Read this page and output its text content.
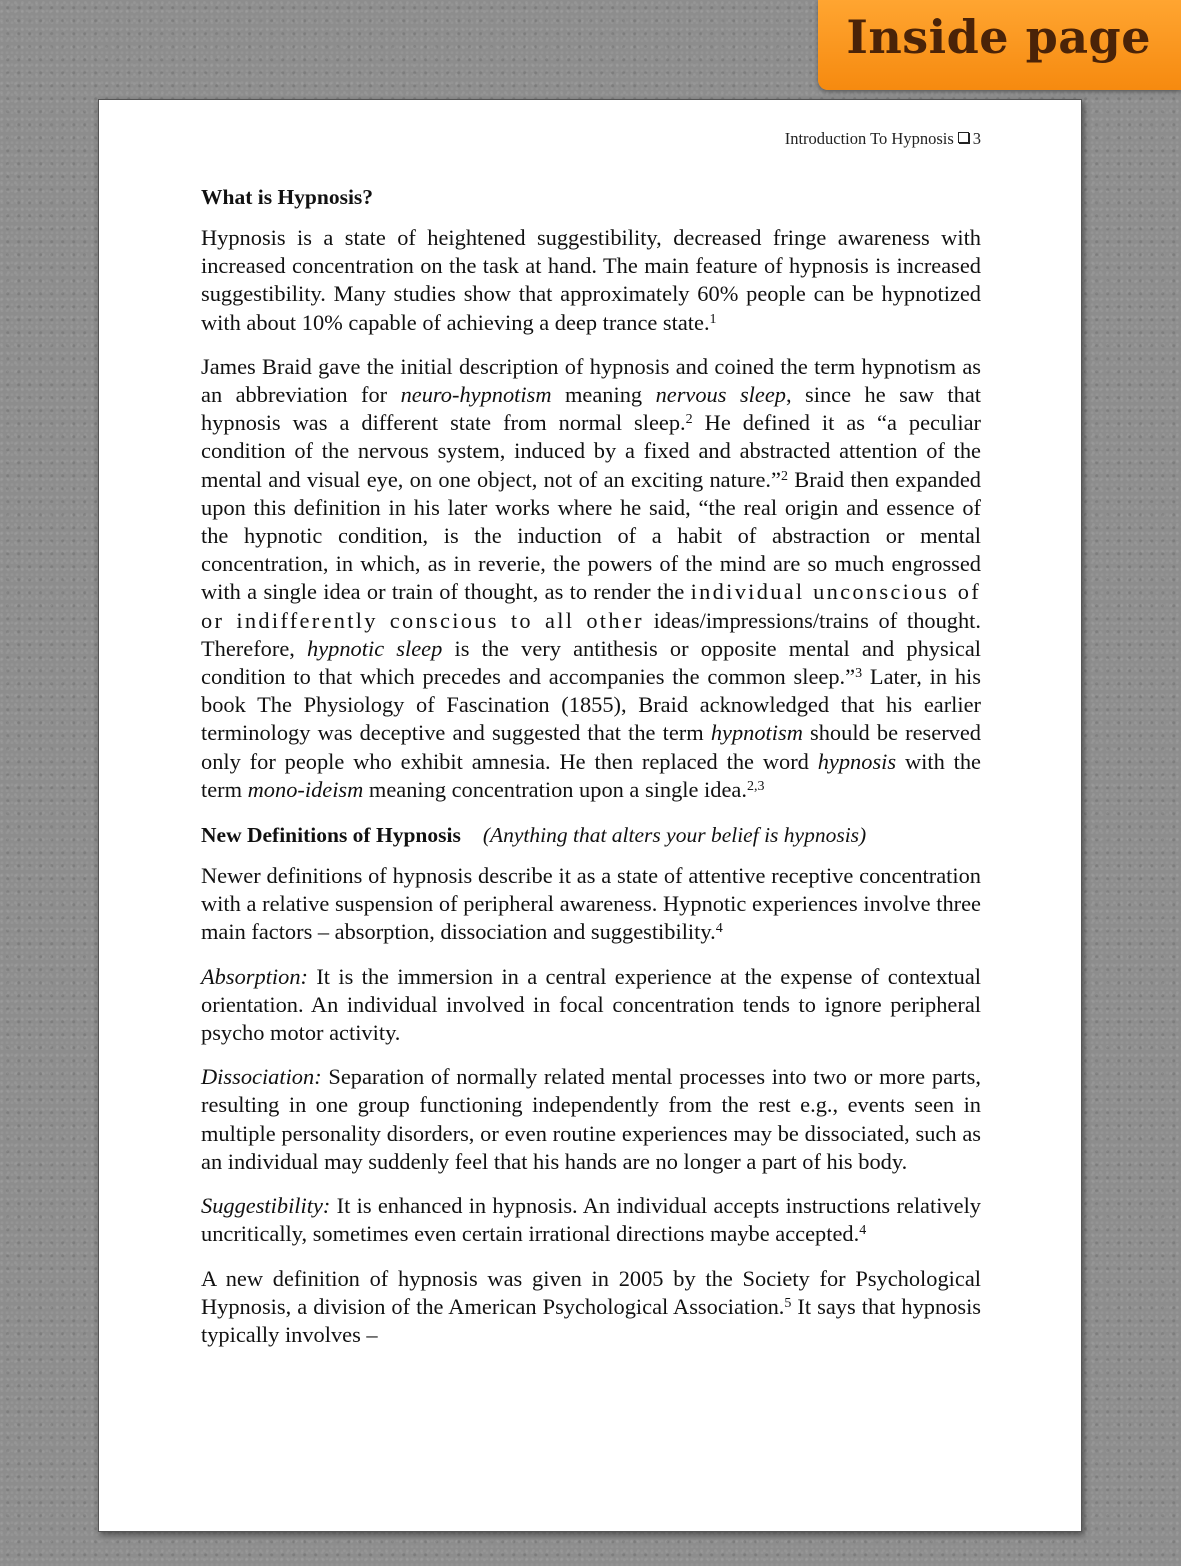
Inside page
Introduction To Hypnosis 3
What is Hypnosis?

Hypnosis is a state of heightened suggestibility, decreased fringe awareness with increased concentration on the task at hand. The main feature of hypnosis is increased suggestibility. Many studies show that approximately 60% people can be hypnotized with about 10% capable of achieving a deep trance state.$^1$

James Braid gave the initial description of hypnosis and coined the term hypnotism as an abbreviation for neuro-hypnotism meaning nervous sleep, since he saw that hypnosis was a different state from normal sleep.$^2$ He defined it as “a peculiar condition of the nervous system, induced by a fixed and abstracted attention of the mental and visual eye, on one object, not of an exciting nature.”$^2$ Braid then expanded upon this definition in his later works where he said, “the real origin and essence of the hypnotic condition, is the induction of a habit of abstraction or mental concentration, in which, as in reverie, the powers of the mind are so much engrossed with a single idea or train of thought, as to render the individual unconscious of or indifferently conscious to all other ideas/impressions/trains of thought. Therefore, hypnotic sleep is the very antithesis or opposite mental and physical condition to that which precedes and accompanies the common sleep.”$^3$ Later, in his book The Physiology of Fascination (1855), Braid acknowledged that his earlier terminology was deceptive and suggested that the term hypnotism should be reserved only for people who exhibit amnesia. He then replaced the word hypnosis with the term mono-ideism meaning concentration upon a single idea.$^{2,3}$

New Definitions of Hypnosis (Anything that alters your belief is hypnosis)

Newer definitions of hypnosis describe it as a state of attentive receptive concentration with a relative suspension of peripheral awareness. Hypnotic experiences involve three main factors – absorption, dissociation and suggestibility.$^4$

Absorption: It is the immersion in a central experience at the expense of contextual orientation. An individual involved in focal concentration tends to ignore peripheral psycho motor activity.

Dissociation: Separation of normally related mental processes into two or more parts, resulting in one group functioning independently from the rest e.g., events seen in multiple personality disorders, or even routine experiences may be dissociated, such as an individual may suddenly feel that his hands are no longer a part of his body.

Suggestibility: It is enhanced in hypnosis. An individual accepts instructions relatively uncritically, sometimes even certain irrational directions maybe accepted.$^4$

A new definition of hypnosis was given in 2005 by the Society for Psychological Hypnosis, a division of the American Psychological Association.$^5$ It says that hypnosis typically involves –
